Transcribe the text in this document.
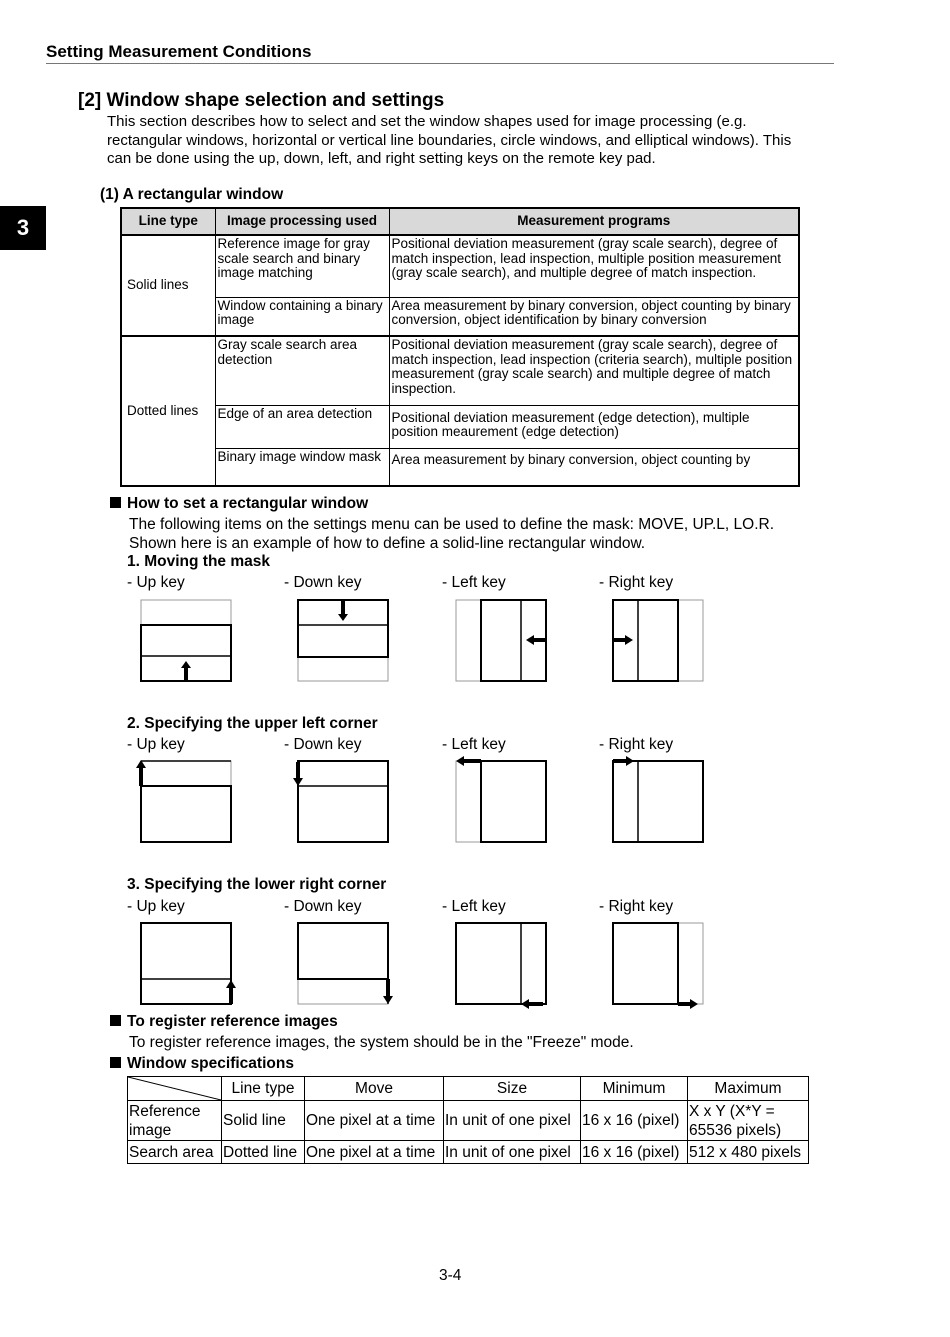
Setting Measurement Conditions
3
[2] Window shape selection and settings
This section describes how to select and set the window shapes used for image processing (e.g.
rectangular windows, horizontal or vertical line boundaries, circle windows, and elliptical windows). This
can be done using the up, down, left, and right setting keys on the remote key pad.
(1) A rectangular window
Line type	Image processing used	Measurement programs
Solid lines	Reference image for gray scale search and binary image matching	Positional deviation measurement (gray scale search), degree of match inspection, lead inspection, multiple position measurement (gray scale search), and multiple degree of match inspection.
	Window containing a binary image	Area measurement by binary conversion, object counting by binary conversion, object identification by binary conversion
Dotted lines	Gray scale search area detection	Positional deviation measurement (gray scale search), degree of match inspection, lead inspection (criteria search), multiple position measurement (gray scale search) and multiple degree of match inspection.
	Edge of an area detection	Positional deviation measurement (edge detection), multiple position meaurement (edge detection)
	Binary image window mask	Area measurement by binary conversion, object counting by
How to set a rectangular window
The following items on the settings menu can be used to define the mask: MOVE, UP.L, LO.R.
Shown here is an example of how to define a solid-line rectangular window.
1. Moving the mask
- Up key	- Down key	- Left key	- Right key
2. Specifying the upper left corner
- Up key	- Down key	- Left key	- Right key
3. Specifying the lower right corner
- Up key	- Down key	- Left key	- Right key
To register reference images
To register reference images, the system should be in the "Freeze" mode.
Window specifications
	Line type	Move	Size	Minimum	Maximum
Reference image	Solid line	One pixel at a time	In unit of one pixel	16 x 16 (pixel)	X x Y (X*Y = 65536 pixels)
Search area	Dotted line	One pixel at a time	In unit of one pixel	16 x 16 (pixel)	512 x 480 pixels
3-4
